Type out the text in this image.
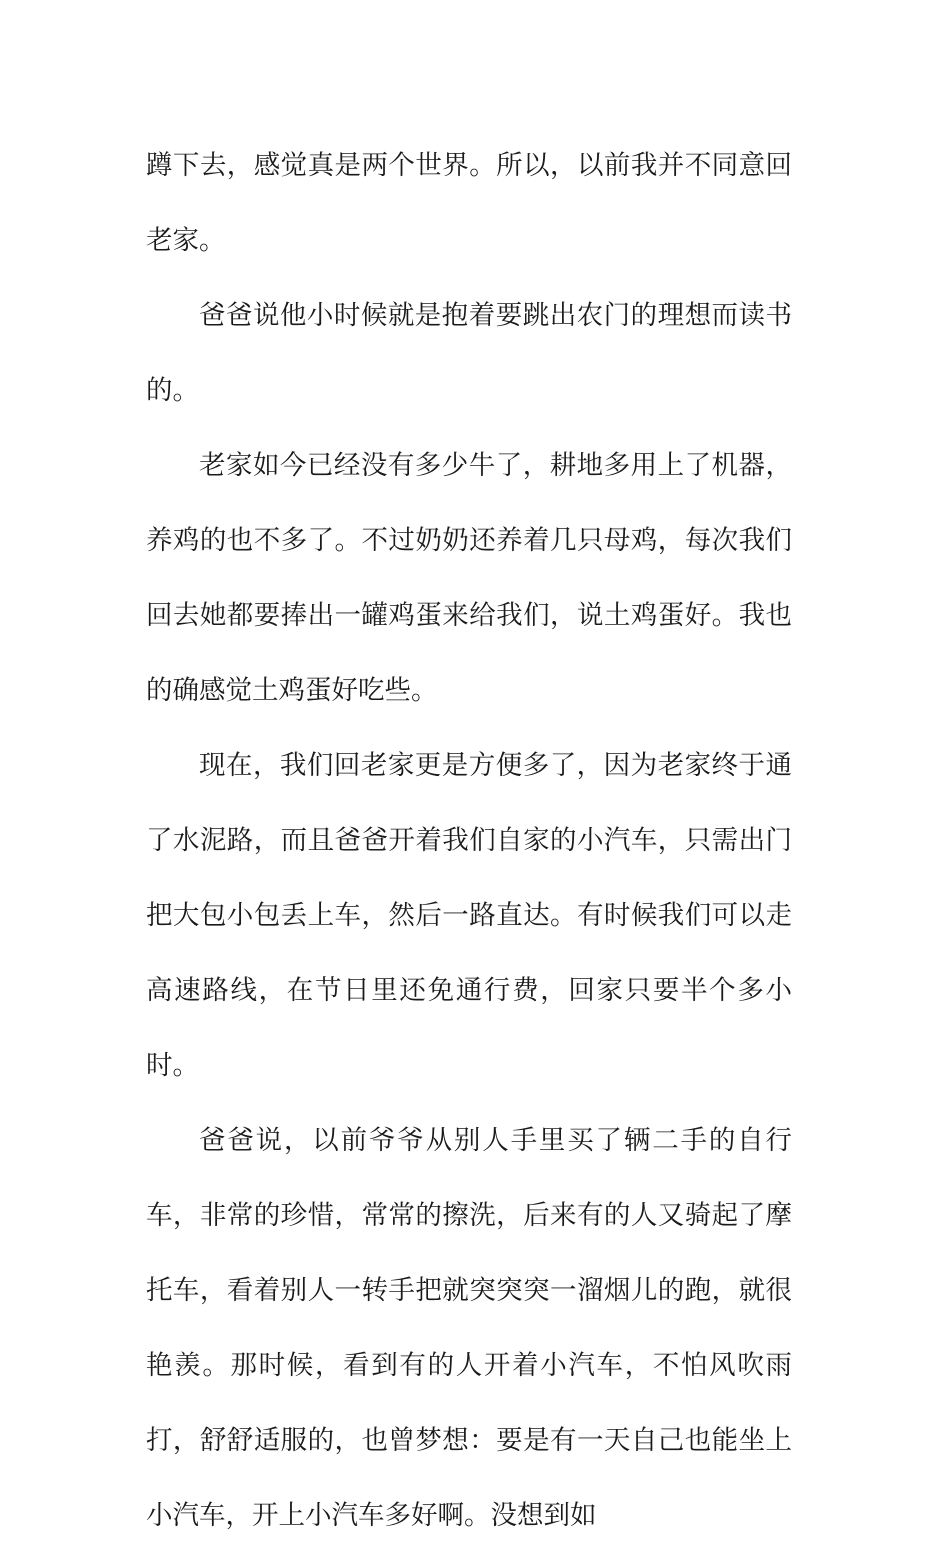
蹲下去，感觉真是两个世界。所以，以前我并不同意回老家。

爸爸说他小时候就是抱着要跳出农门的理想而读书的。

老家如今已经没有多少牛了，耕地多用上了机器，养鸡的也不多了。不过奶奶还养着几只母鸡，每次我们回去她都要捧出一罐鸡蛋来给我们，说土鸡蛋好。我也的确感觉土鸡蛋好吃些。

现在，我们回老家更是方便多了，因为老家终于通了水泥路，而且爸爸开着我们自家的小汽车，只需出门把大包小包丢上车，然后一路直达。有时候我们可以走高速路线，在节日里还免通行费，回家只要半个多小时。

爸爸说，以前爷爷从别人手里买了辆二手的自行车，非常的珍惜，常常的擦洗，后来有的人又骑起了摩托车，看着别人一转手把就突突突一溜烟儿的跑，就很艳羡。那时候，看到有的人开着小汽车，不怕风吹雨打，舒舒适服的，也曾梦想：要是有一天自己也能坐上小汽车，开上小汽车多好啊。没想到如
